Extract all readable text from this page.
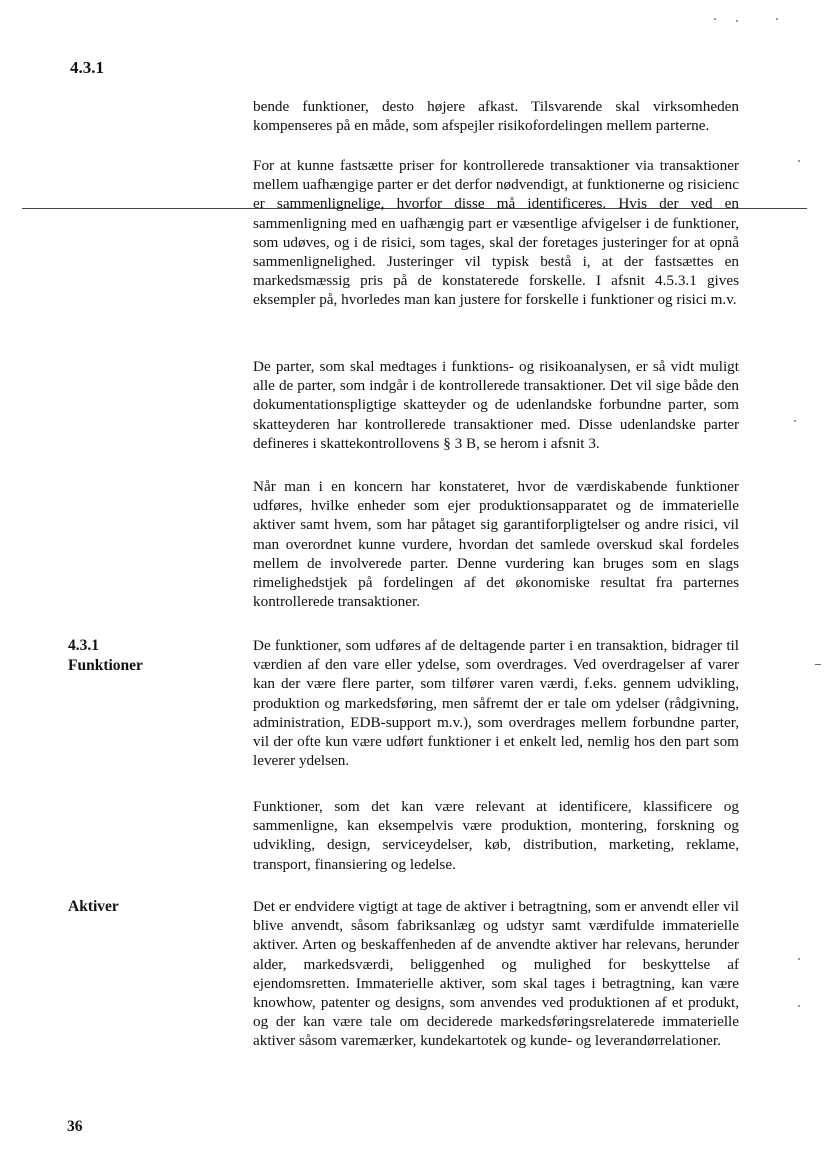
4.3.1
4.3.1
Funktioner
Aktiver

bende funktioner, desto højere afkast. Tilsvarende skal virksomheden kompenseres på en måde, som afspejler risikofordelingen mellem parterne.

For at kunne fastsætte priser for kontrollerede transaktioner via transaktioner mellem uafhængige parter er det derfor nødvendigt, at funktionerne og risicienc er sammenlignelige, hvorfor disse må identificeres. Hvis der ved en sammenligning med en uafhængig part er væsentlige afvigelser i de funktioner, som udøves, og i de risici, som tages, skal der foretages justeringer for at opnå sammenlignelighed. Justeringer vil typisk bestå i, at der fastsættes en markedsmæssig pris på de konstaterede forskelle. I afsnit 4.5.3.1 gives eksempler på, hvorledes man kan justere for forskelle i funktioner og risici m.v.

De parter, som skal medtages i funktions- og risikoanalysen, er så vidt muligt alle de parter, som indgår i de kontrollerede transaktioner. Det vil sige både den dokumentationspligtige skatteyder og de udenlandske forbundne parter, som skatteyderen har kontrollerede transaktioner med. Disse udenlandske parter defineres i skattekontrollovens § 3 B, se herom i afsnit 3.

Når man i en koncern har konstateret, hvor de værdiskabende funktioner udføres, hvilke enheder som ejer produktionsapparatet og de immaterielle aktiver samt hvem, som har påtaget sig garantiforpligtelser og andre risici, vil man overordnet kunne vurdere, hvordan det samlede overskud skal fordeles mellem de involverede parter. Denne vurdering kan bruges som en slags rimelighedstjek på fordelingen af det økonomiske resultat fra parternes kontrollerede transaktioner.

De funktioner, som udføres af de deltagende parter i en transaktion, bidrager til værdien af den vare eller ydelse, som overdrages. Ved overdragelser af varer kan der være flere parter, som tilfører varen værdi, f.eks. gennem udvikling, produktion og markedsføring, men såfremt der er tale om ydelser (rådgivning, administration, EDB-support m.v.), som overdrages mellem forbundne parter, vil der ofte kun være udført funktioner i et enkelt led, nemlig hos den part som leverer ydelsen.

Funktioner, som det kan være relevant at identificere, klassificere og sammenligne, kan eksempelvis være produktion, montering, forskning og udvikling, design, serviceydelser, køb, distribution, marketing, reklame, transport, finansiering og ledelse.

Det er endvidere vigtigt at tage de aktiver i betragtning, som er anvendt eller vil blive anvendt, såsom fabriksanlæg og udstyr samt værdifulde immaterielle aktiver. Arten og beskaffenheden af de anvendte aktiver har relevans, herunder alder, markedsværdi, beliggenhed og mulighed for beskyttelse af ejendomsretten. Immaterielle aktiver, som skal tages i betragtning, kan være knowhow, patenter og designs, som anvendes ved produktionen af et produkt, og der kan være tale om deciderede markedsføringsrelaterede immaterielle aktiver såsom varemærker, kundekartotek og kunde- og leverandørrelationer.

36
